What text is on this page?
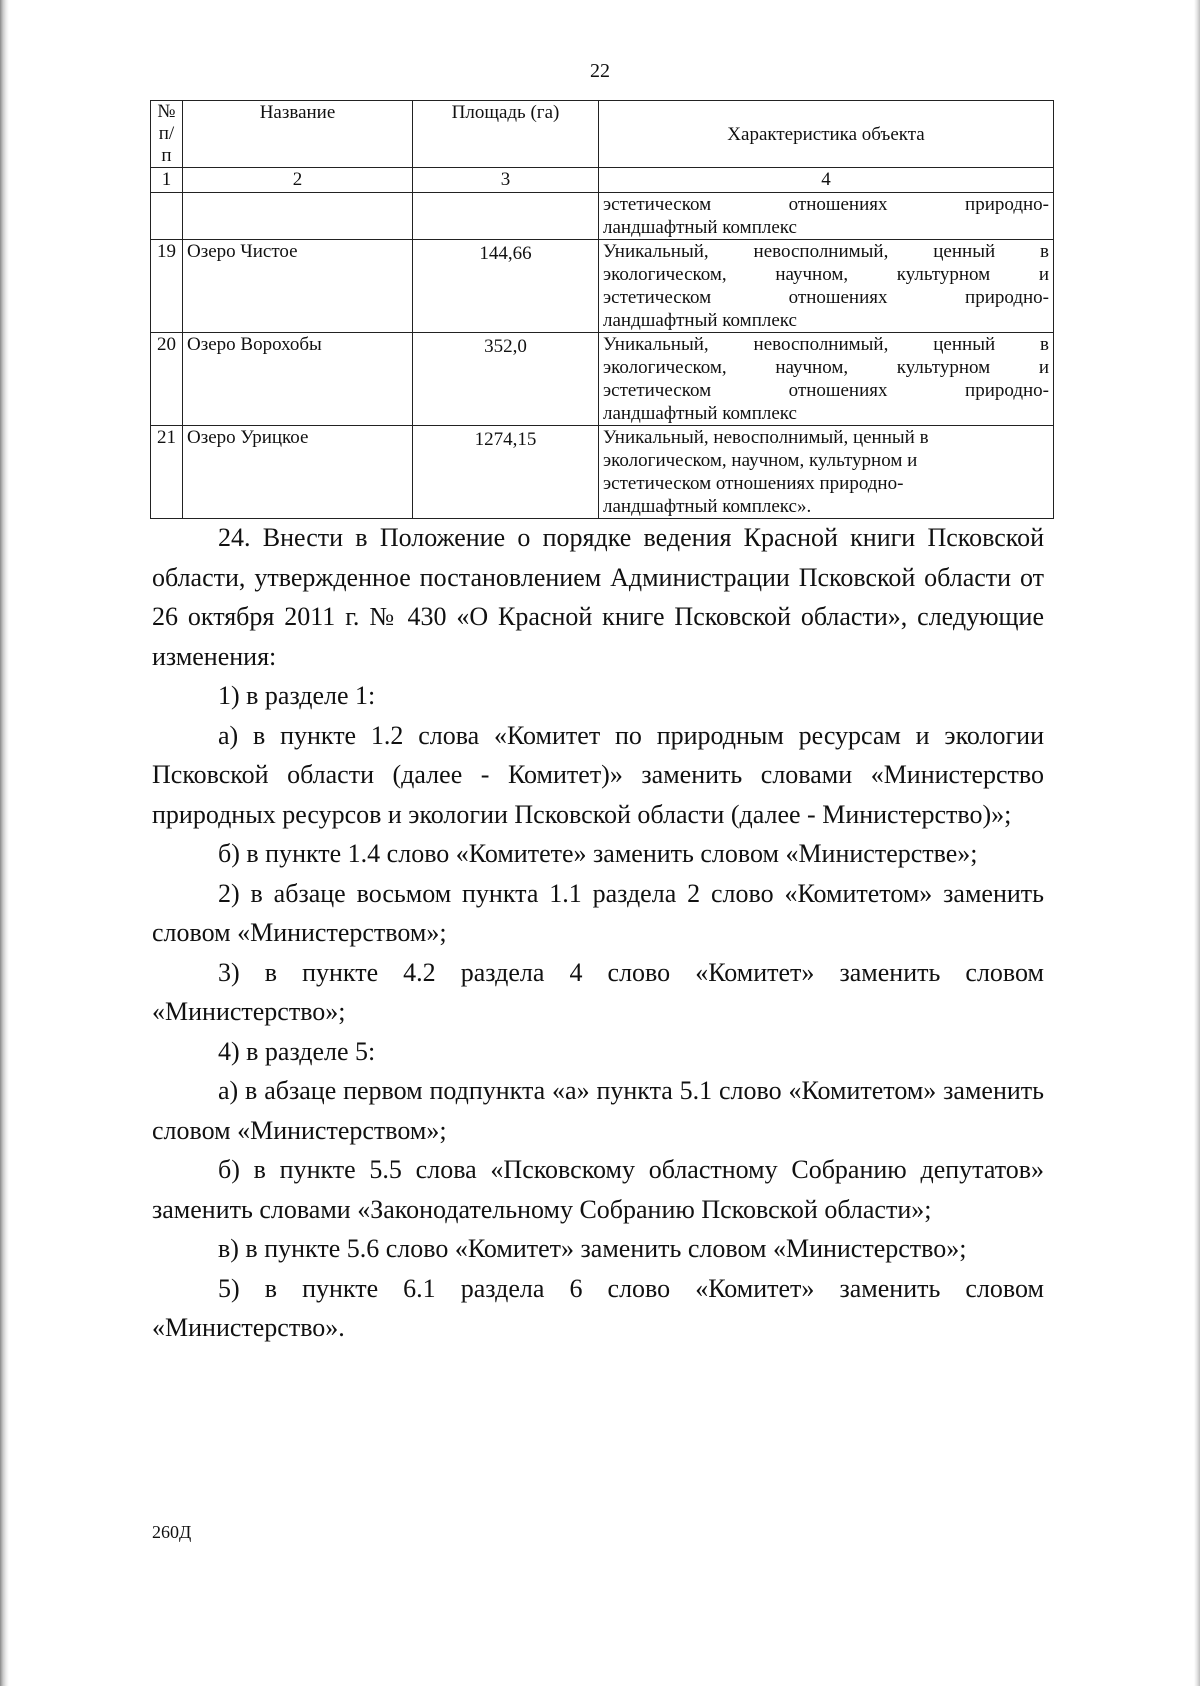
22
№
п/п	Название	Площадь (га)	Характеристика объекта
1	2	3	4

			эстетическом отношениях природно-
ландшафтный комплекс

19	Озеро Чистое	144,66	Уникальный, невосполнимый, ценный в
экологическом, научном, культурном и
эстетическом отношениях природно-
ландшафтный комплекс

20	Озеро Ворохобы	352,0	Уникальный, невосполнимый, ценный в
экологическом, научном, культурном и
эстетическом отношениях природно-
ландшафтный комплекс

21	Озеро Урицкое	1274,15	Уникальный, невосполнимый, ценный в
экологическом, научном, культурном и
эстетическом отношениях природно-
ландшафтный комплекс».

24. Внести в Положение о порядке ведения Красной книги Псковской области, утвержденное постановлением Администрации Псковской области от 26 октября 2011 г. № 430 «О Красной книге Псковской области», следующие изменения:

1) в разделе 1:

а) в пункте 1.2 слова «Комитет по природным ресурсам и экологии Псковской области (далее - Комитет)» заменить словами «Министерство природных ресурсов и экологии Псковской области (далее - Министерство)»;

б) в пункте 1.4 слово «Комитете» заменить словом «Министерстве»;

2) в абзаце восьмом пункта 1.1 раздела 2 слово «Комитетом» заменить словом «Министерством»;

3) в пункте 4.2 раздела 4 слово «Комитет» заменить словом «Министерство»;

4) в разделе 5:

а) в абзаце первом подпункта «а» пункта 5.1 слово «Комитетом» заменить словом «Министерством»;

б) в пункте 5.5 слова «Псковскому областному Собранию депутатов» заменить словами «Законодательному Собранию Псковской области»;

в) в пункте 5.6 слово «Комитет» заменить словом «Министерство»;

5) в пункте 6.1 раздела 6 слово «Комитет» заменить словом «Министерство».

260Д
